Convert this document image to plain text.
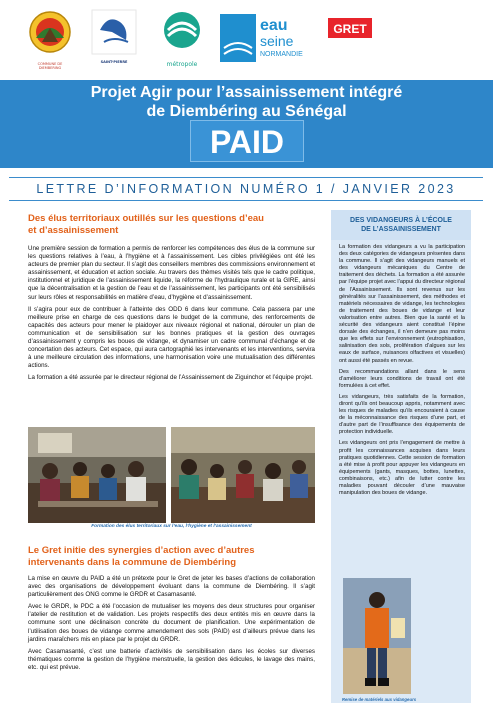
COMMUNE DE DIEMBERING
SAINT-PIERRE	métropole
eau
seine
NORMANDIE
GRET
Projet Agir pour l’assainissement intégré
de Diembéring au Sénégal
PAID
LETTRE D’INFORMATION NUMÉRO 1 / JANVIER 2023
Des élus territoriaux outillés sur les questions d’eau
et d’assainissement

Une première session de formation a permis de renforcer les compétences des élus de la commune sur les questions relatives à l’eau, à l’hygiène et à l’assainissement. Les cibles privilégiées ont été les acteurs de premier plan du secteur. Il s’agit des conseillers membres des commissions environnement et assainissement, et éducation et action sociale. Au travers des thèmes visités tels que le cadre politique, institutionnel et juridique de l’assainissement liquide, la réforme de l’hydraulique rurale et la GIRE, ainsi que la décentralisation et la gestion de l’eau et de l’assainissement, les participants ont été sensibilisés sur leurs rôles et responsabilités en matière d’eau, d’hygiène et d’assainissement.

Il s’agira pour eux de contribuer à l’atteinte des ODD 6 dans leur commune. Cela passera par une meilleure prise en charge de ces questions dans le budget de la commune, des renforcements de capacités des acteurs pour mener le plaidoyer aux niveaux régional et national, dérouler un plan de communication et de sensibilisation sur les bonnes pratiques et la gestion des ouvrages d’assainissement y compris les boues de vidange, et dynamiser un cadre communal d’échange et de concertation des acteurs. Cet espace, qui aura cartographié les intervenants et les interventions, servira à une meilleure circulation des informations, une harmonisation voire une mutualisation des différentes actions.

La formation a été assurée par le directeur régional de l’Assainissement de Ziguinchor et l’équipe projet.

Formation des élus territoriaux sur l’eau, l’hygiène et l’assainissement
Le Gret initie des synergies d’action avec d’autres
intervenants dans la commune de Diembéring

La mise en œuvre du PAID a été un prétexte pour le Gret de jeter les bases d’actions de collaboration avec des organisations de développement évoluant dans la commune de Diembéring. Il s’agit particulièrement des ONG comme le GRDR et Casamasanté.

Avec le GRDR, le PDC a été l’occasion de mutualiser les moyens des deux structures pour organiser l’atelier de restitution et de validation. Les projets respectifs des deux entités mis en œuvre dans la commune sont une déclinaison concrète du document de planification. Une expérimentation de l’utilisation des boues de vidange comme amendement des sols (PAID) est d’ailleurs prévue dans les jardins maraîchers mis en place par le projet du GRDR.

Avec Casamasanté, c’est une batterie d’activités de sensibilisation dans les écoles sur diverses thématiques comme la gestion de l’hygiène menstruelle, la gestion des édicules, le lavage des mains, etc. qui est prévue.

DES VIDANGEURS À L’ÉCOLE
DE L’ASSAINISSEMENT

La formation des vidangeurs a vu la participation des deux catégories de vidangeurs présentes dans la commune. Il s’agit des vidangeurs manuels et des vidangeurs mécaniques du Centre de traitement des déchets. La formation a été assurée par l’équipe projet avec l’appui du directeur régional de l’Assainissement. Ils sont revenus sur les généralités sur l’assainissement, des méthodes et matériels nécessaires de vidange, les technologies de traitement des boues de vidange et leur valorisation entre autres. Bien que la santé et la sécurité des vidangeurs aient constitué l’épine dorsale des échanges, il n’en demeure pas moins que les effets sur l’environnement (eutrophisation, salinisation des sols, prolifération d’algues sur les eaux de surface, nuisances olfactives et visuelles) ont aussi été passés en revue.

Des recommandations allant dans le sens d’améliorer leurs conditions de travail ont été formulées à cet effet.

Les vidangeurs, très satisfaits de la formation, diront qu’ils ont beaucoup appris, notamment avec les risques de maladies qu’ils encouraient à cause de la méconnaissance des risques d’une part, et d’autre part de l’insuffisance des équipements de protection individuelle.

Les vidangeurs ont pris l’engagement de mettre à profit les connaissances acquises dans leurs pratiques quotidiennes. Cette session de formation a été mise à profit pour appuyer les vidangeurs en équipements (gants, masques, bottes, lunettes, combinaisons, etc.) afin de lutter contre les maladies pouvant découler d’une mauvaise manipulation des boues de vidange.

Remise de matériels aux vidangeurs
